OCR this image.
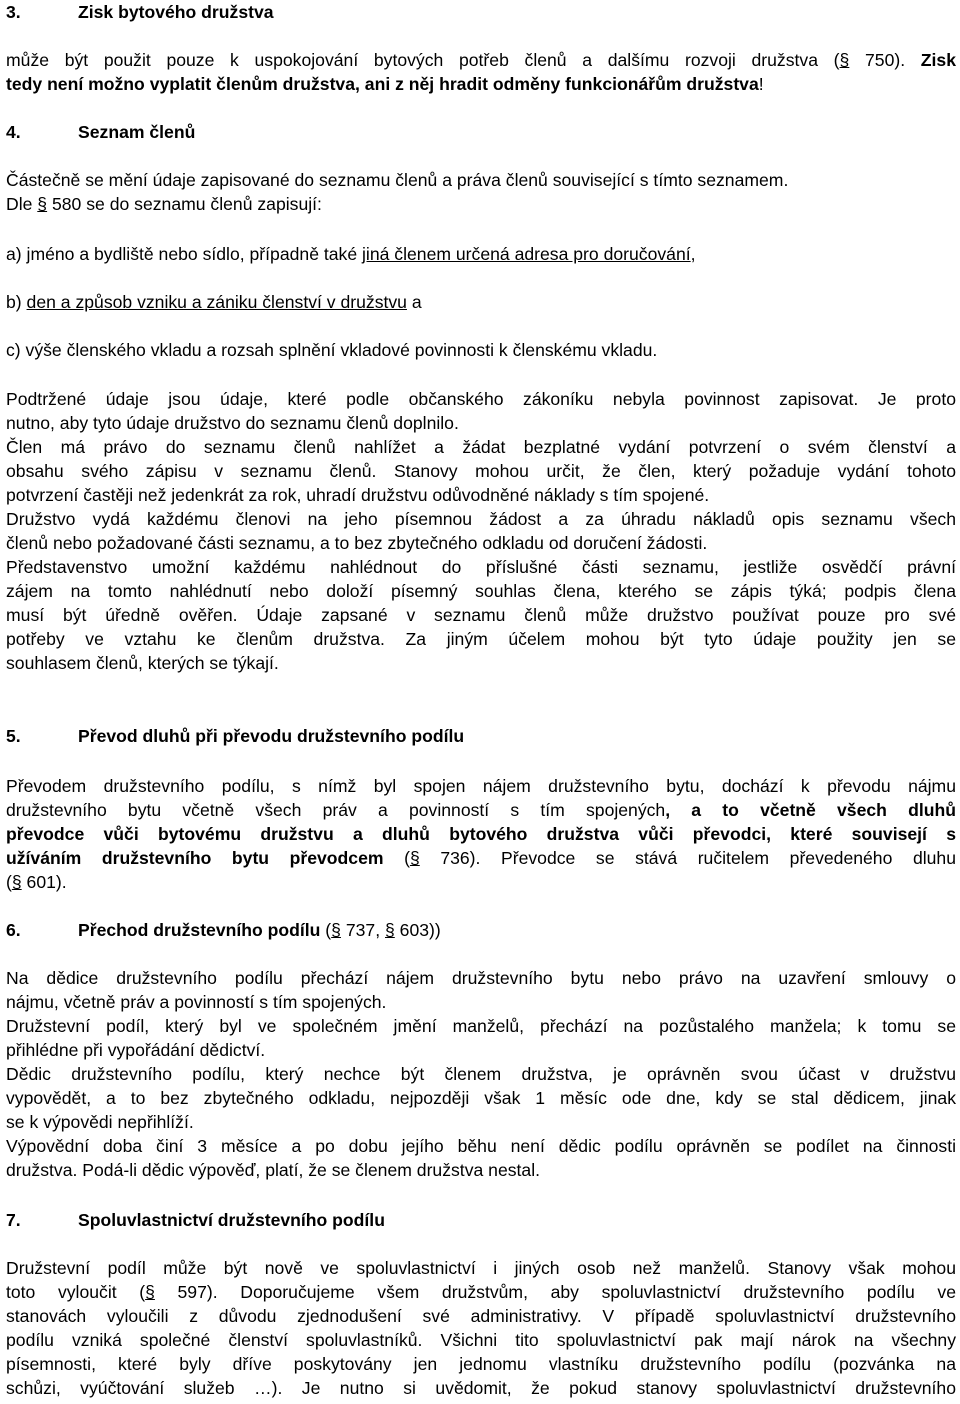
3.	Zisk bytového družstva
může být použit pouze k uspokojování bytových potřeb členů a dalšímu rozvoji družstva (§ 750). Zisk
tedy není možno vyplatit členům družstva, ani z něj hradit odměny funkcionářům družstva!
4.	Seznam členů
Částečně se mění údaje zapisované do seznamu členů a práva členů související s tímto seznamem.
Dle § 580 se do seznamu členů zapisují:
a) jméno a bydliště nebo sídlo, případně také jiná členem určená adresa pro doručování,
b) den a způsob vzniku a zániku členství v družstvu a
c) výše členského vkladu a rozsah splnění vkladové povinnosti k členskému vkladu.
Podtržené údaje jsou údaje, které podle občanského zákoníku nebyla povinnost zapisovat. Je proto
nutno, aby tyto údaje družstvo do seznamu členů doplnilo.
Člen má právo do seznamu členů nahlížet a žádat bezplatné vydání potvrzení o svém členství a
obsahu svého zápisu v seznamu členů. Stanovy mohou určit, že člen, který požaduje vydání tohoto
potvrzení častěji než jedenkrát za rok, uhradí družstvu odůvodněné náklady s tím spojené.
Družstvo vydá každému členovi na jeho písemnou žádost a za úhradu nákladů opis seznamu všech
členů nebo požadované části seznamu, a to bez zbytečného odkladu od doručení žádosti.
Představenstvo umožní každému nahlédnout do příslušné části seznamu, jestliže osvědčí právní
zájem na tomto nahlédnutí nebo doloží písemný souhlas člena, kterého se zápis týká; podpis člena
musí být úředně ověřen. Údaje zapsané v seznamu členů může družstvo používat pouze pro své
potřeby ve vztahu ke členům družstva. Za jiným účelem mohou být tyto údaje použity jen se
souhlasem členů, kterých se týkají.
5.	Převod dluhů při převodu družstevního podílu
Převodem družstevního podílu, s nímž byl spojen nájem družstevního bytu, dochází k převodu nájmu
družstevního bytu včetně všech práv a povinností s tím spojených, a to včetně všech dluhů
převodce vůči bytovému družstvu a dluhů bytového družstva vůči převodci, které souvisejí s
užíváním družstevního bytu převodcem (§ 736). Převodce se stává ručitelem převedeného dluhu
(§ 601).
6.	Přechod družstevního podílu (§ 737, § 603))
Na dědice družstevního podílu přechází nájem družstevního bytu nebo právo na uzavření smlouvy o
nájmu, včetně práv a povinností s tím spojených.
Družstevní podíl, který byl ve společném jmění manželů, přechází na pozůstalého manžela; k tomu se
přihlédne při vypořádání dědictví.
Dědic družstevního podílu, který nechce být členem družstva, je oprávněn svou účast v družstvu
vypovědět, a to bez zbytečného odkladu, nejpozději však 1 měsíc ode dne, kdy se stal dědicem, jinak
se k výpovědi nepřihlíží.
Výpovědní doba činí 3 měsíce a po dobu jejího běhu není dědic podílu oprávněn se podílet na činnosti
družstva. Podá-li dědic výpověď, platí, že se členem družstva nestal.
7.	Spoluvlastnictví družstevního podílu
Družstevní podíl může být nově ve spoluvlastnictví i jiných osob než manželů. Stanovy však mohou
toto vyloučit (§ 597). Doporučujeme všem družstvům, aby spoluvlastnictví družstevního podílu ve
stanovách vyloučili z důvodu zjednodušení své administrativy. V případě spoluvlastnictví družstevního
podílu vzniká společné členství spoluvlastníků. Všichni tito spoluvlastnictví pak mají nárok na všechny
písemnosti, které byly dříve poskytovány jen jednomu vlastníku družstevního podílu (pozvánka na
schůzi, vyúčtování služeb …). Je nutno si uvědomit, že pokud stanovy spoluvlastnictví družstevního
